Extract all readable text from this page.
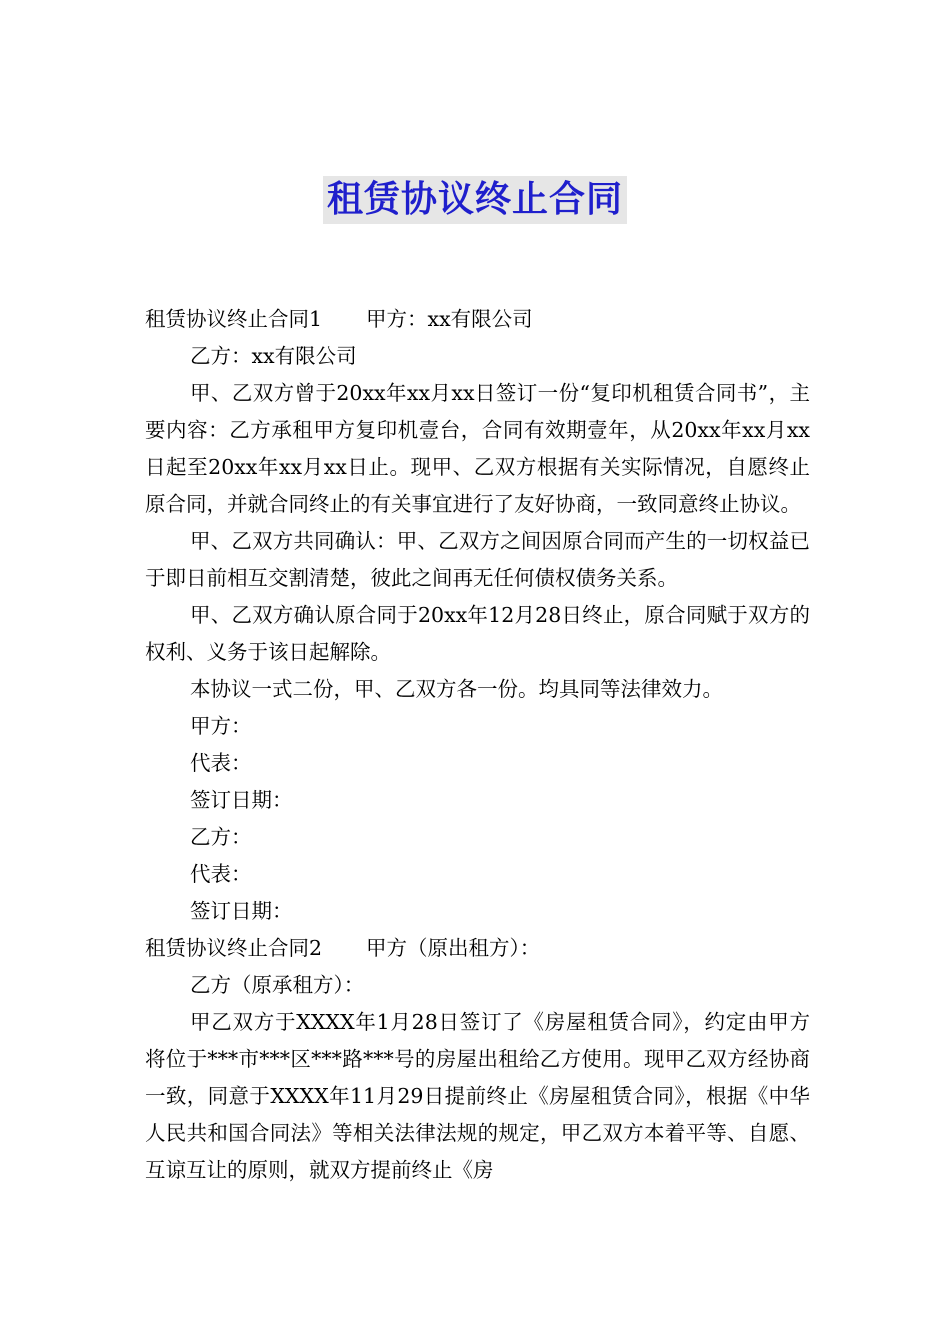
租赁协议终止合同

租赁协议终止合同1 甲方：xx有限公司

乙方：xx有限公司

甲、乙双方曾于20xx年xx月xx日签订一份“复印机租赁合同书”，主要内容：乙方承租甲方复印机壹台，合同有效期壹年，从20xx年xx月xx日起至20xx年xx月xx日止。现甲、乙双方根据有关实际情况，自愿终止原合同，并就合同终止的有关事宜进行了友好协商，一致同意终止协议。

甲、乙双方共同确认：甲、乙双方之间因原合同而产生的一切权益已于即日前相互交割清楚，彼此之间再无任何债权债务关系。

甲、乙双方确认原合同于20xx年12月28日终止，原合同赋于双方的权利、义务于该日起解除。

本协议一式二份，甲、乙双方各一份。均具同等法律效力。

甲方：

代表：

签订日期：

乙方：

代表：

签订日期：

租赁协议终止合同2 甲方（原出租方）：

乙方（原承租方）：

甲乙双方于XXXX年1月28日签订了《房屋租赁合同》，约定由甲方将位于***市***区***路***号的房屋出租给乙方使用。现甲乙双方经协商一致，同意于XXXX年11月29日提前终止《房屋租赁合同》，根据《中华人民共和国合同法》等相关法律法规的规定，甲乙双方本着平等、自愿、互谅互让的原则，就双方提前终止《房
